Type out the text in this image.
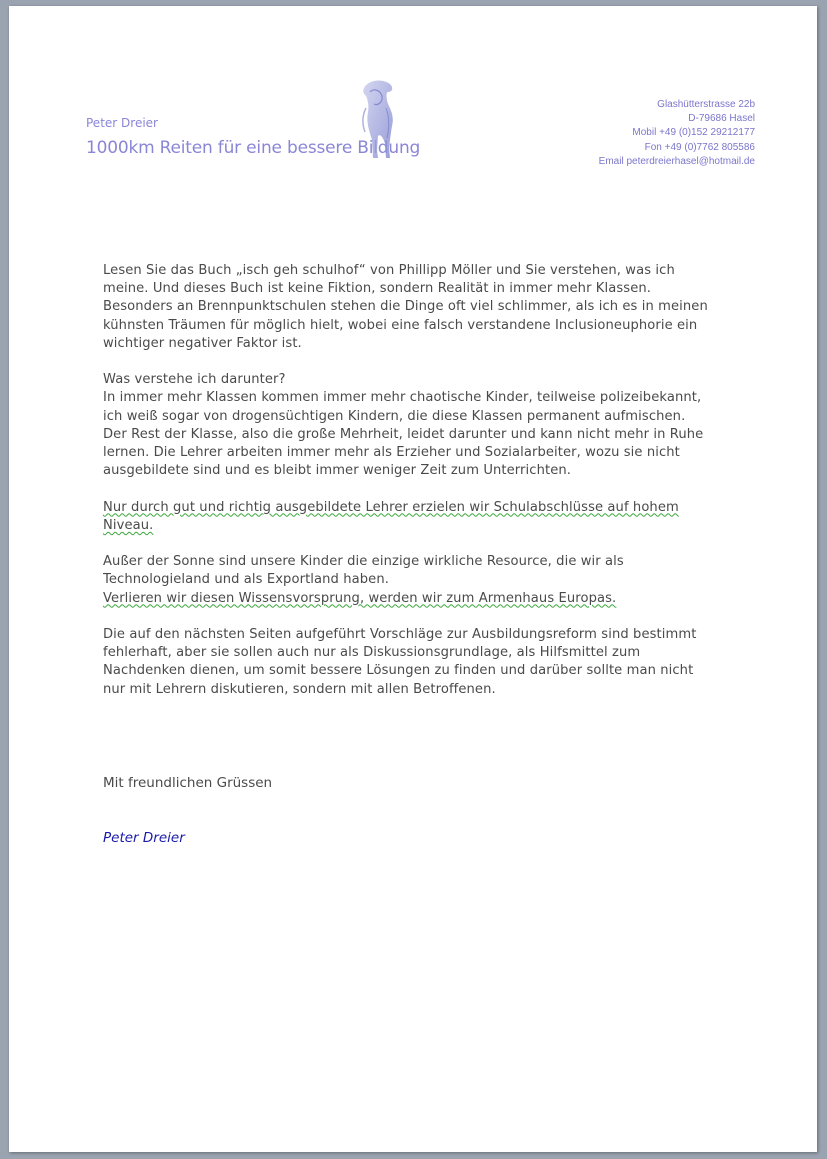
Peter Dreier
1000km Reiten für eine bessere Bildung
Glashütterstrasse 22b
D-79686 Hasel
Mobil +49 (0)152 29212177
Fon +49 (0)7762 805586
Email peterdreierhasel@hotmail.de
Lesen Sie das Buch „isch geh schulhof“ von Phillipp Möller und Sie verstehen, was ich
meine. Und dieses Buch ist keine Fiktion, sondern Realität in immer mehr Klassen.
Besonders an Brennpunktschulen stehen die Dinge oft viel schlimmer, als ich es in meinen
kühnsten Träumen für möglich hielt, wobei eine falsch verstandene Inclusioneuphorie ein
wichtiger negativer Faktor ist.
Was verstehe ich darunter?
In immer mehr Klassen kommen immer mehr chaotische Kinder, teilweise polizeibekannt,
ich weiß sogar von drogensüchtigen Kindern, die diese Klassen permanent aufmischen.
Der Rest der Klasse, also die große Mehrheit, leidet darunter und kann nicht mehr in Ruhe
lernen. Die Lehrer arbeiten immer mehr als Erzieher und Sozialarbeiter, wozu sie nicht
ausgebildete sind und es bleibt immer weniger Zeit zum Unterrichten.
Nur durch gut und richtig ausgebildete Lehrer erzielen wir Schulabschlüsse auf hohem
Niveau.
Außer der Sonne sind unsere Kinder die einzige wirkliche Resource, die wir als
Technologieland und als Exportland haben.
Verlieren wir diesen Wissensvorsprung, werden wir zum Armenhaus Europas.
Die auf den nächsten Seiten aufgeführt Vorschläge zur Ausbildungsreform sind bestimmt
fehlerhaft, aber sie sollen auch nur als Diskussionsgrundlage, als Hilfsmittel zum
Nachdenken dienen, um somit bessere Lösungen zu finden und darüber sollte man nicht
nur mit Lehrern diskutieren, sondern mit allen Betroffenen.
Mit freundlichen Grüssen
Peter Dreier
